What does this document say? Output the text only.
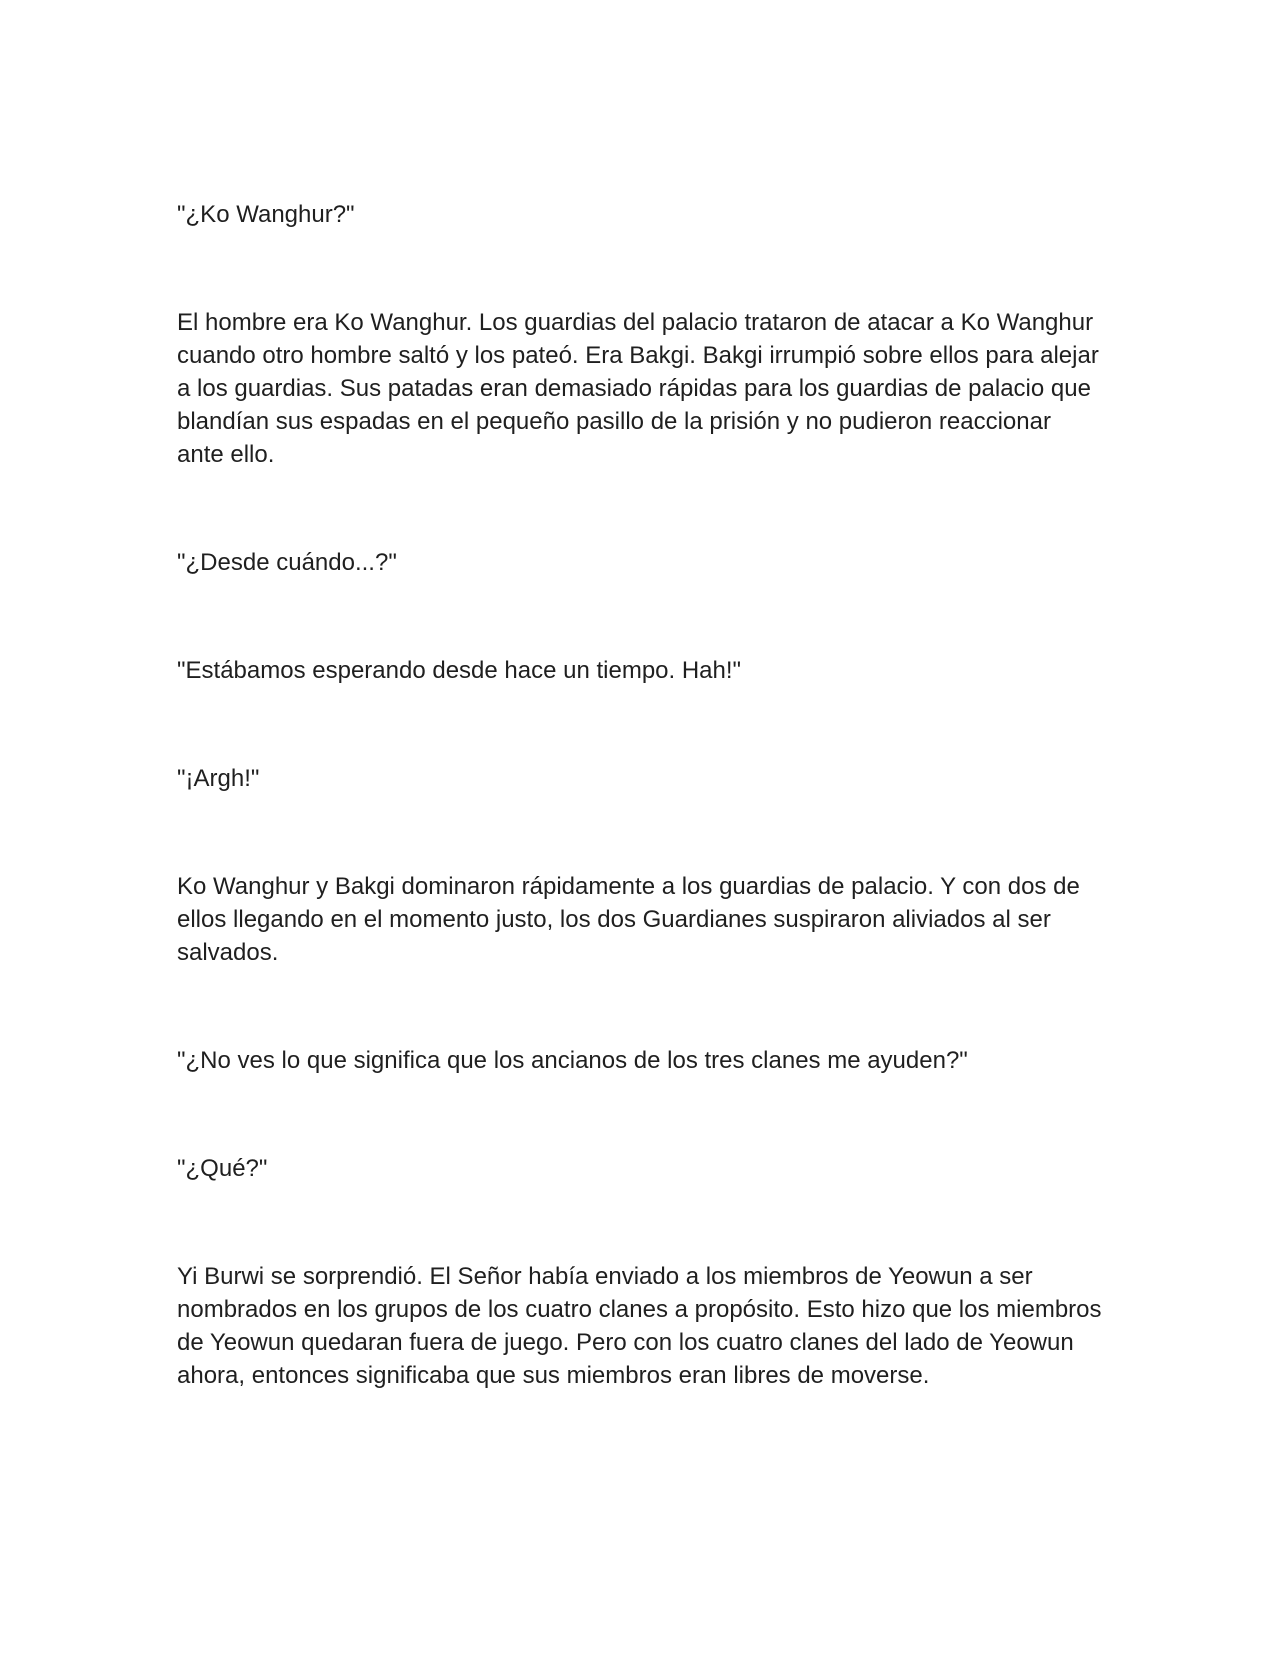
"¿Ko Wanghur?"

El hombre era Ko Wanghur. Los guardias del palacio trataron de atacar a Ko Wanghur cuando otro hombre saltó y los pateó. Era Bakgi. Bakgi irrumpió sobre ellos para alejar a los guardias. Sus patadas eran demasiado rápidas para los guardias de palacio que blandían sus espadas en el pequeño pasillo de la prisión y no pudieron reaccionar ante ello.

"¿Desde cuándo...?"

"Estábamos esperando desde hace un tiempo. Hah!"

"¡Argh!"

Ko Wanghur y Bakgi dominaron rápidamente a los guardias de palacio. Y con dos de ellos llegando en el momento justo, los dos Guardianes suspiraron aliviados al ser salvados.

"¿No ves lo que significa que los ancianos de los tres clanes me ayuden?"

"¿Qué?"

Yi Burwi se sorprendió. El Señor había enviado a los miembros de Yeowun a ser nombrados en los grupos de los cuatro clanes a propósito. Esto hizo que los miembros de Yeowun quedaran fuera de juego. Pero con los cuatro clanes del lado de Yeowun ahora, entonces significaba que sus miembros eran libres de moverse.
